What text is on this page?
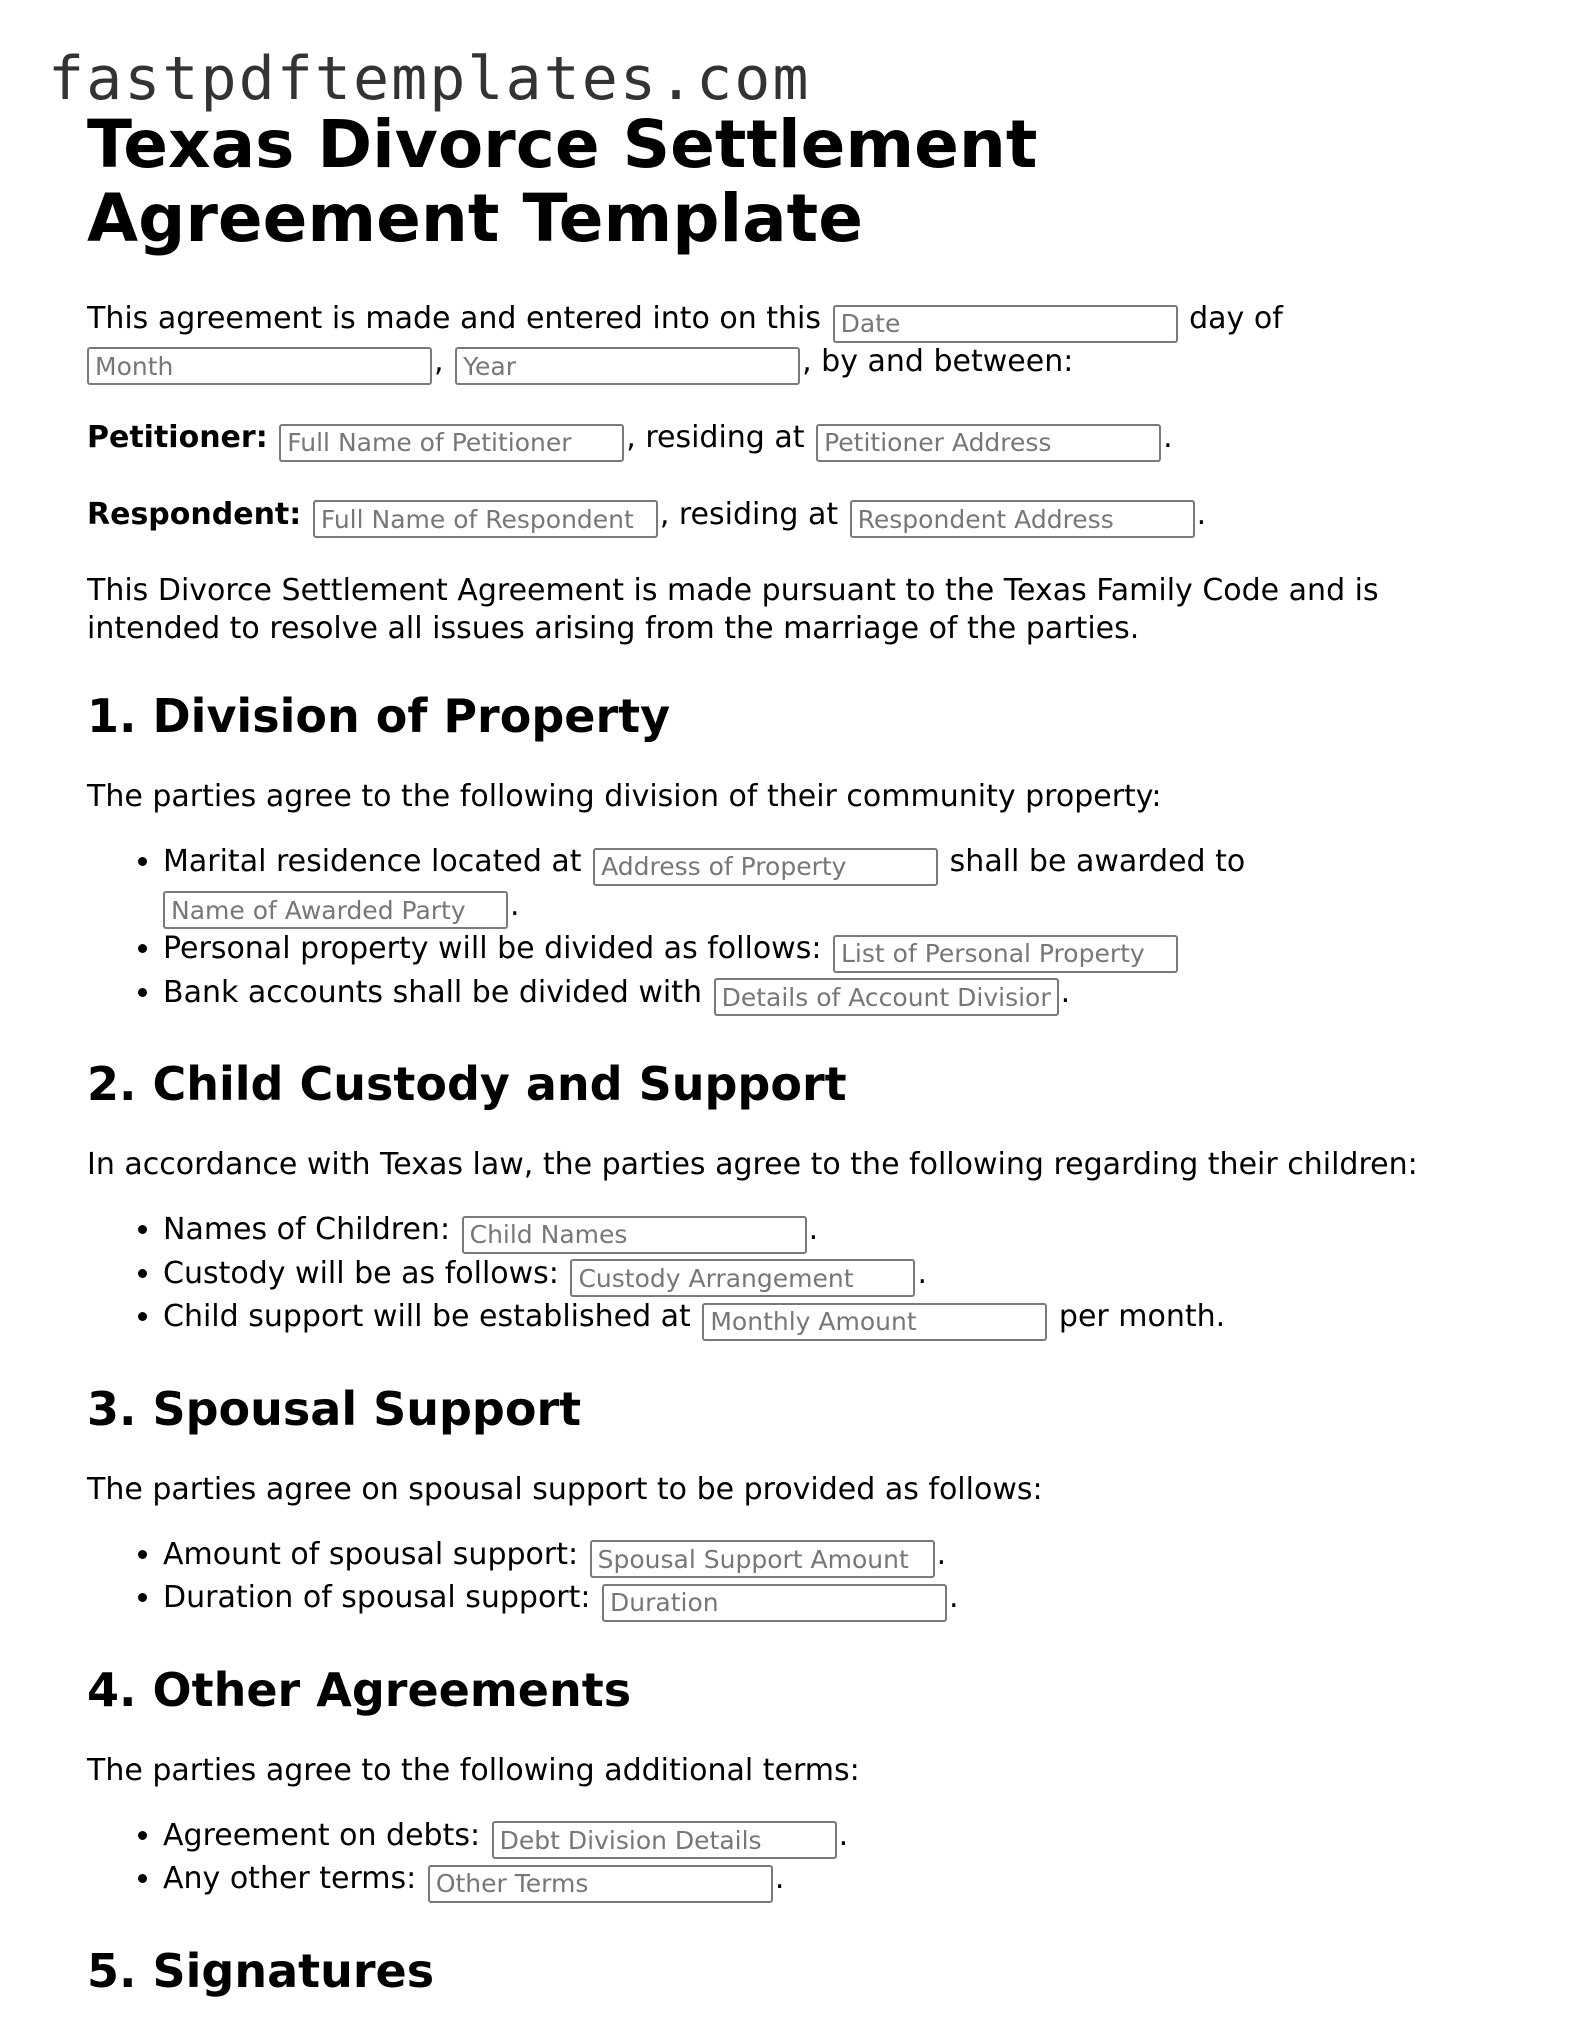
fastpdftemplates.com
Texas Divorce Settlement Agreement Template

This agreement is made and entered into on this Date	day of
Month, Year	, by and between:

Petitioner: Full Name of Petitioner	, residing at Petitioner Address	.

Respondent: Full Name of Respondent	, residing at Respondent Address	.

This Divorce Settlement Agreement is made pursuant to the Texas Family Code and is intended to resolve all issues arising from the marriage of the parties.

1. Division of Property

The parties agree to the following division of their community property:

• Marital residence located at Address of Property	shall be awarded to
Name of Awarded Party.
• Personal property will be divided as follows: List of Personal Property
• Bank accounts shall be divided with Details of Account Division	.
2. Child Custody and Support

In accordance with Texas law, the parties agree to the following regarding their children:

• Names of Children: Child Names	.
• Custody will be as follows: Custody Arrangement	.
• Child support will be established at Monthly Amount	per month.
3. Spousal Support

The parties agree on spousal support to be provided as follows:

• Amount of spousal support: Spousal Support Amount	.
• Duration of spousal support: Duration	.
4. Other Agreements

The parties agree to the following additional terms:

• Agreement on debts: Debt Division Details	.
• Any other terms: Other Terms	.
5. Signatures
